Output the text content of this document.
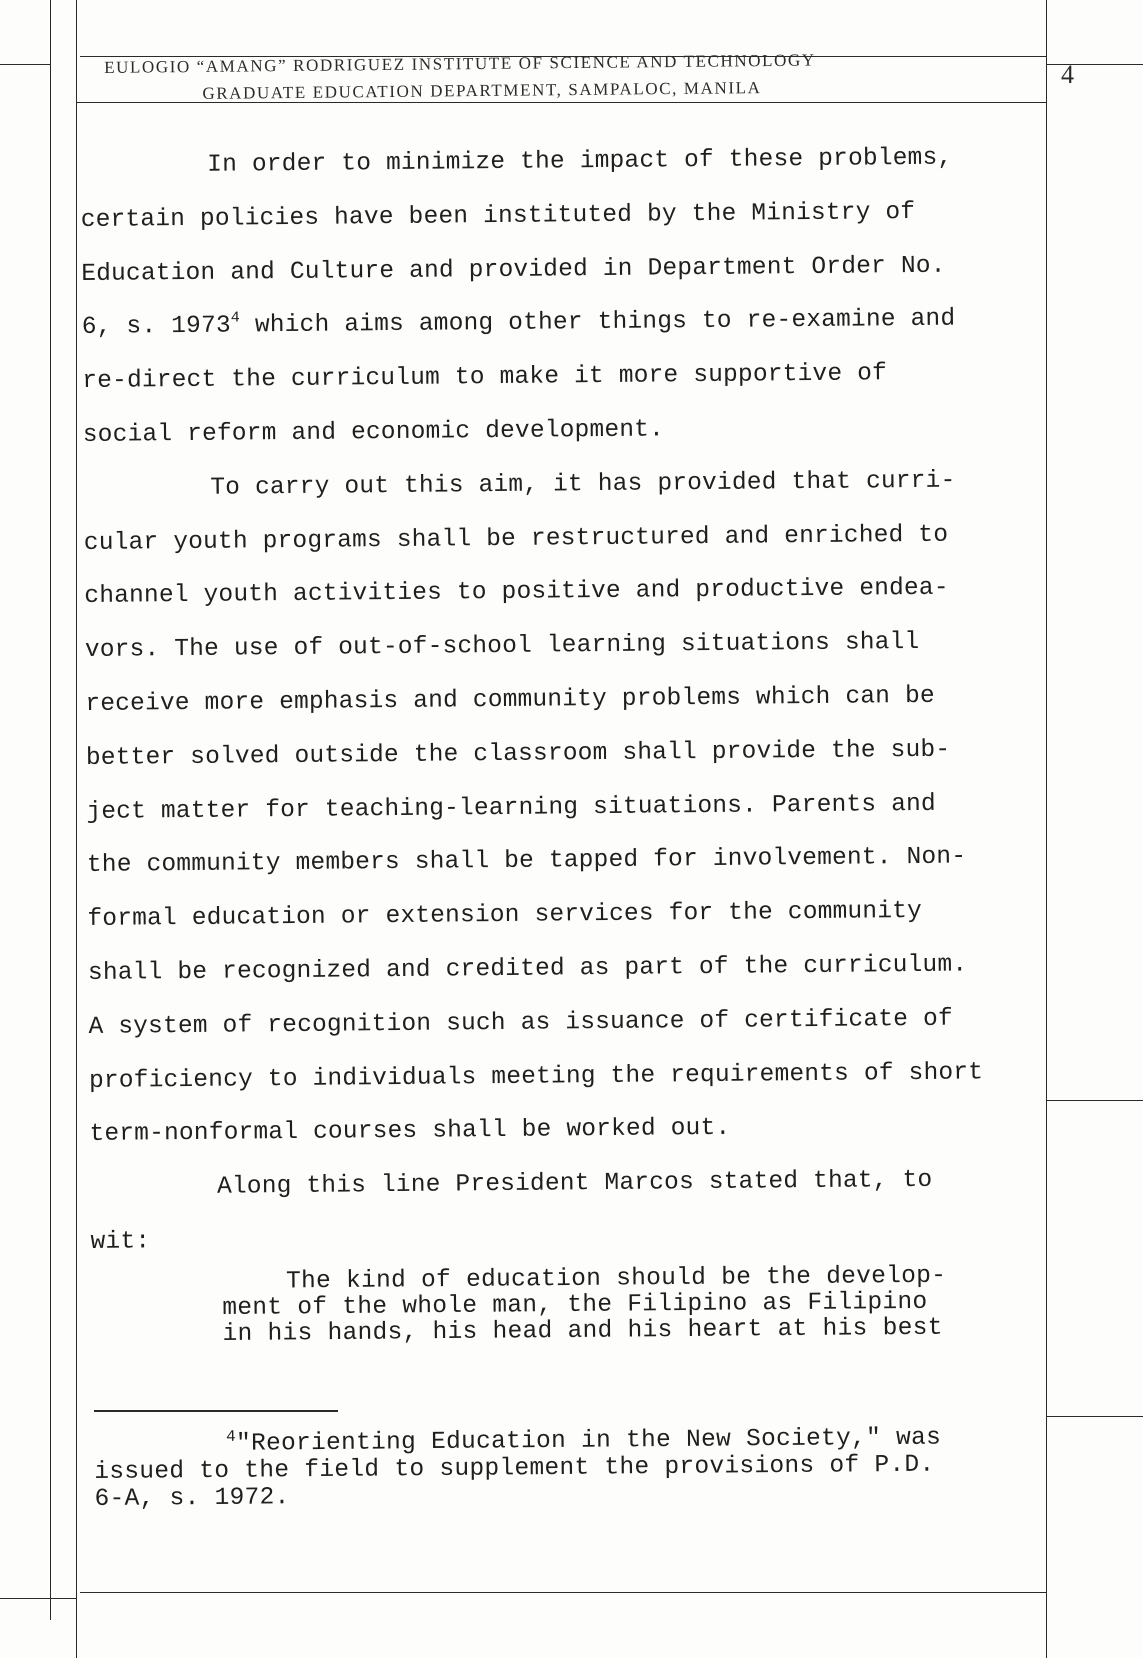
EULOGIO “AMANG” RODRIGUEZ INSTITUTE OF SCIENCE AND TECHNOLOGY
GRADUATE EDUCATION DEPARTMENT, SAMPALOC, MANILA
4

In order to minimize the impact of these problems,
certain policies have been instituted by the Ministry of
Education and Culture and provided in Department Order No.
6, s. 1973$^4$ which aims among other things to re-examine and
re-direct the curriculum to make it more supportive of
social reform and economic development.

To carry out this aim, it has provided that curri-
cular youth programs shall be restructured and enriched to
channel youth activities to positive and productive endea-
vors. The use of out-of-school learning situations shall
receive more emphasis and community problems which can be
better solved outside the classroom shall provide the sub-
ject matter for teaching-learning situations. Parents and
the community members shall be tapped for involvement. Non-
formal education or extension services for the community
shall be recognized and credited as part of the curriculum.
A system of recognition such as issuance of certificate of
proficiency to individuals meeting the requirements of short
term-nonformal courses shall be worked out.

Along this line President Marcos stated that, to
wit:

The kind of education should be the develop-
ment of the whole man, the Filipino as Filipino
in his hands, his head and his heart at his best
$^4$"Reorienting Education in the New Society," was
issued to the field to supplement the provisions of P.D.
6-A, s. 1972.
